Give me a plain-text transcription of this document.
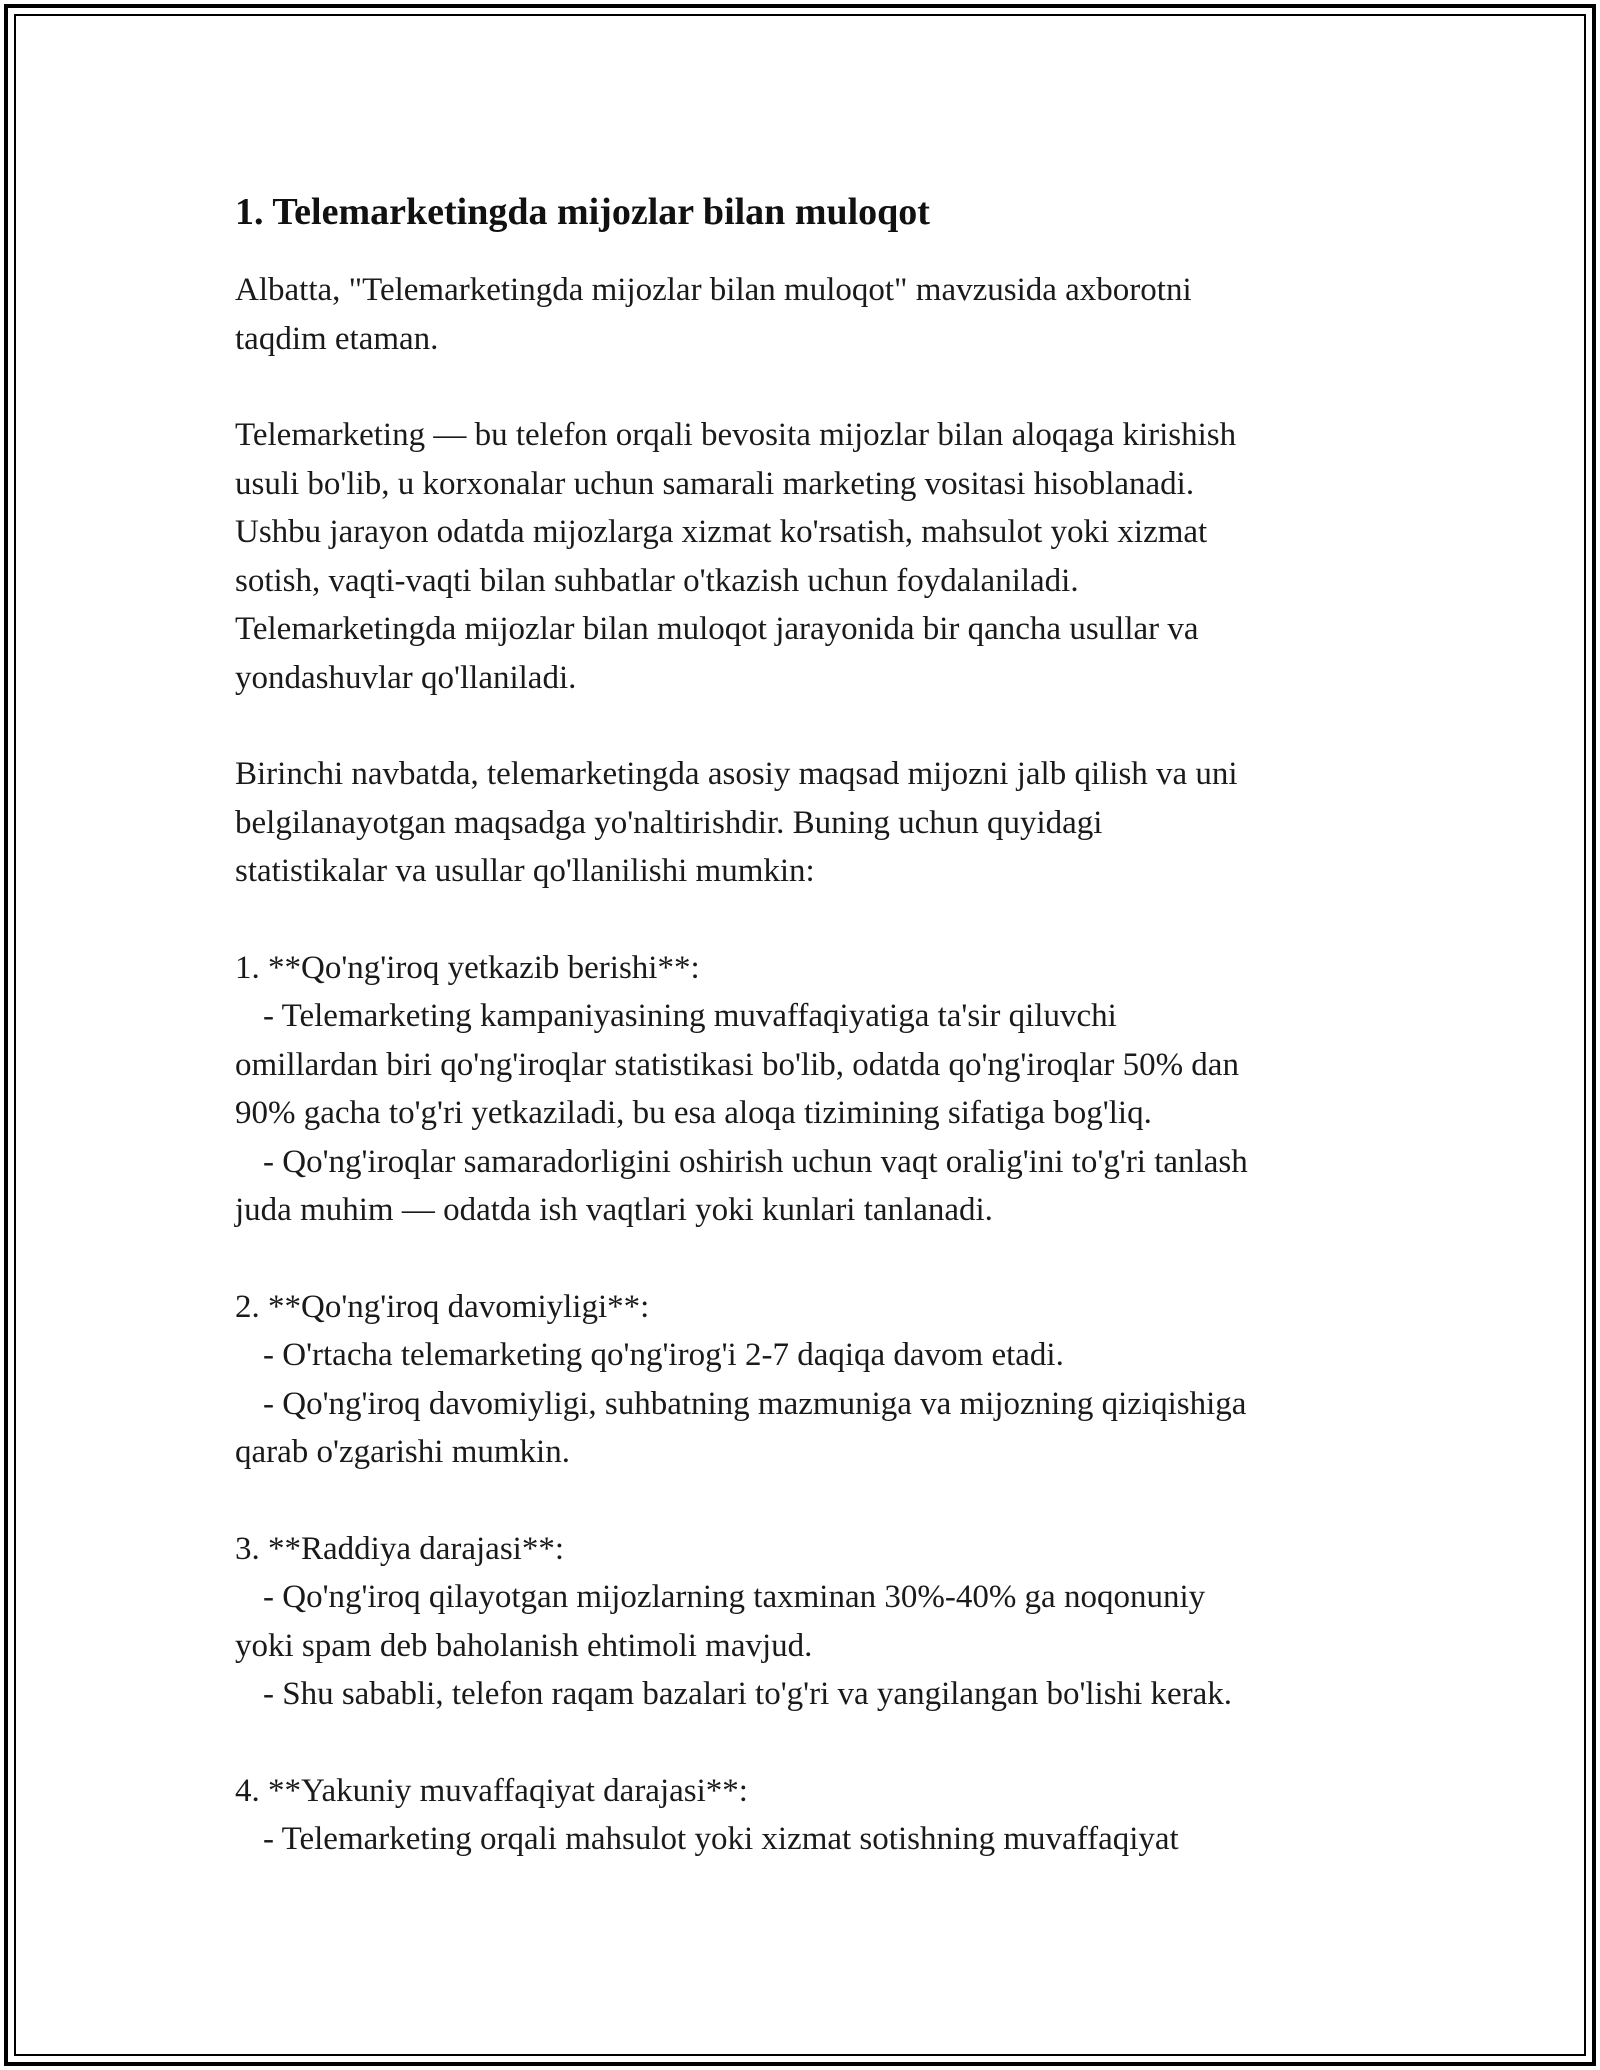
1. Telemarketingda mijozlar bilan muloqot
Albatta, "Telemarketingda mijozlar bilan muloqot" mavzusida axborotni
taqdim etaman.
Telemarketing — bu telefon orqali bevosita mijozlar bilan aloqaga kirishish
usuli bo'lib, u korxonalar uchun samarali marketing vositasi hisoblanadi.
Ushbu jarayon odatda mijozlarga xizmat ko'rsatish, mahsulot yoki xizmat
sotish, vaqti-vaqti bilan suhbatlar o'tkazish uchun foydalaniladi.
Telemarketingda mijozlar bilan muloqot jarayonida bir qancha usullar va
yondashuvlar qo'llaniladi.
Birinchi navbatda, telemarketingda asosiy maqsad mijozni jalb qilish va uni
belgilanayotgan maqsadga yo'naltirishdir. Buning uchun quyidagi
statistikalar va usullar qo'llanilishi mumkin:
1. **Qo'ng'iroq yetkazib berishi**:
- Telemarketing kampaniyasining muvaffaqiyatiga ta'sir qiluvchi
omillardan biri qo'ng'iroqlar statistikasi bo'lib, odatda qo'ng'iroqlar 50% dan
90% gacha to'g'ri yetkaziladi, bu esa aloqa tizimining sifatiga bog'liq.
- Qo'ng'iroqlar samaradorligini oshirish uchun vaqt oralig'ini to'g'ri tanlash
juda muhim — odatda ish vaqtlari yoki kunlari tanlanadi.
2. **Qo'ng'iroq davomiyligi**:
- O'rtacha telemarketing qo'ng'irog'i 2-7 daqiqa davom etadi.
- Qo'ng'iroq davomiyligi, suhbatning mazmuniga va mijozning qiziqishiga
qarab o'zgarishi mumkin.
3. **Raddiya darajasi**:
- Qo'ng'iroq qilayotgan mijozlarning taxminan 30%-40% ga noqonuniy
yoki spam deb baholanish ehtimoli mavjud.
- Shu sababli, telefon raqam bazalari to'g'ri va yangilangan bo'lishi kerak.
4. **Yakuniy muvaffaqiyat darajasi**:
- Telemarketing orqali mahsulot yoki xizmat sotishning muvaffaqiyat
